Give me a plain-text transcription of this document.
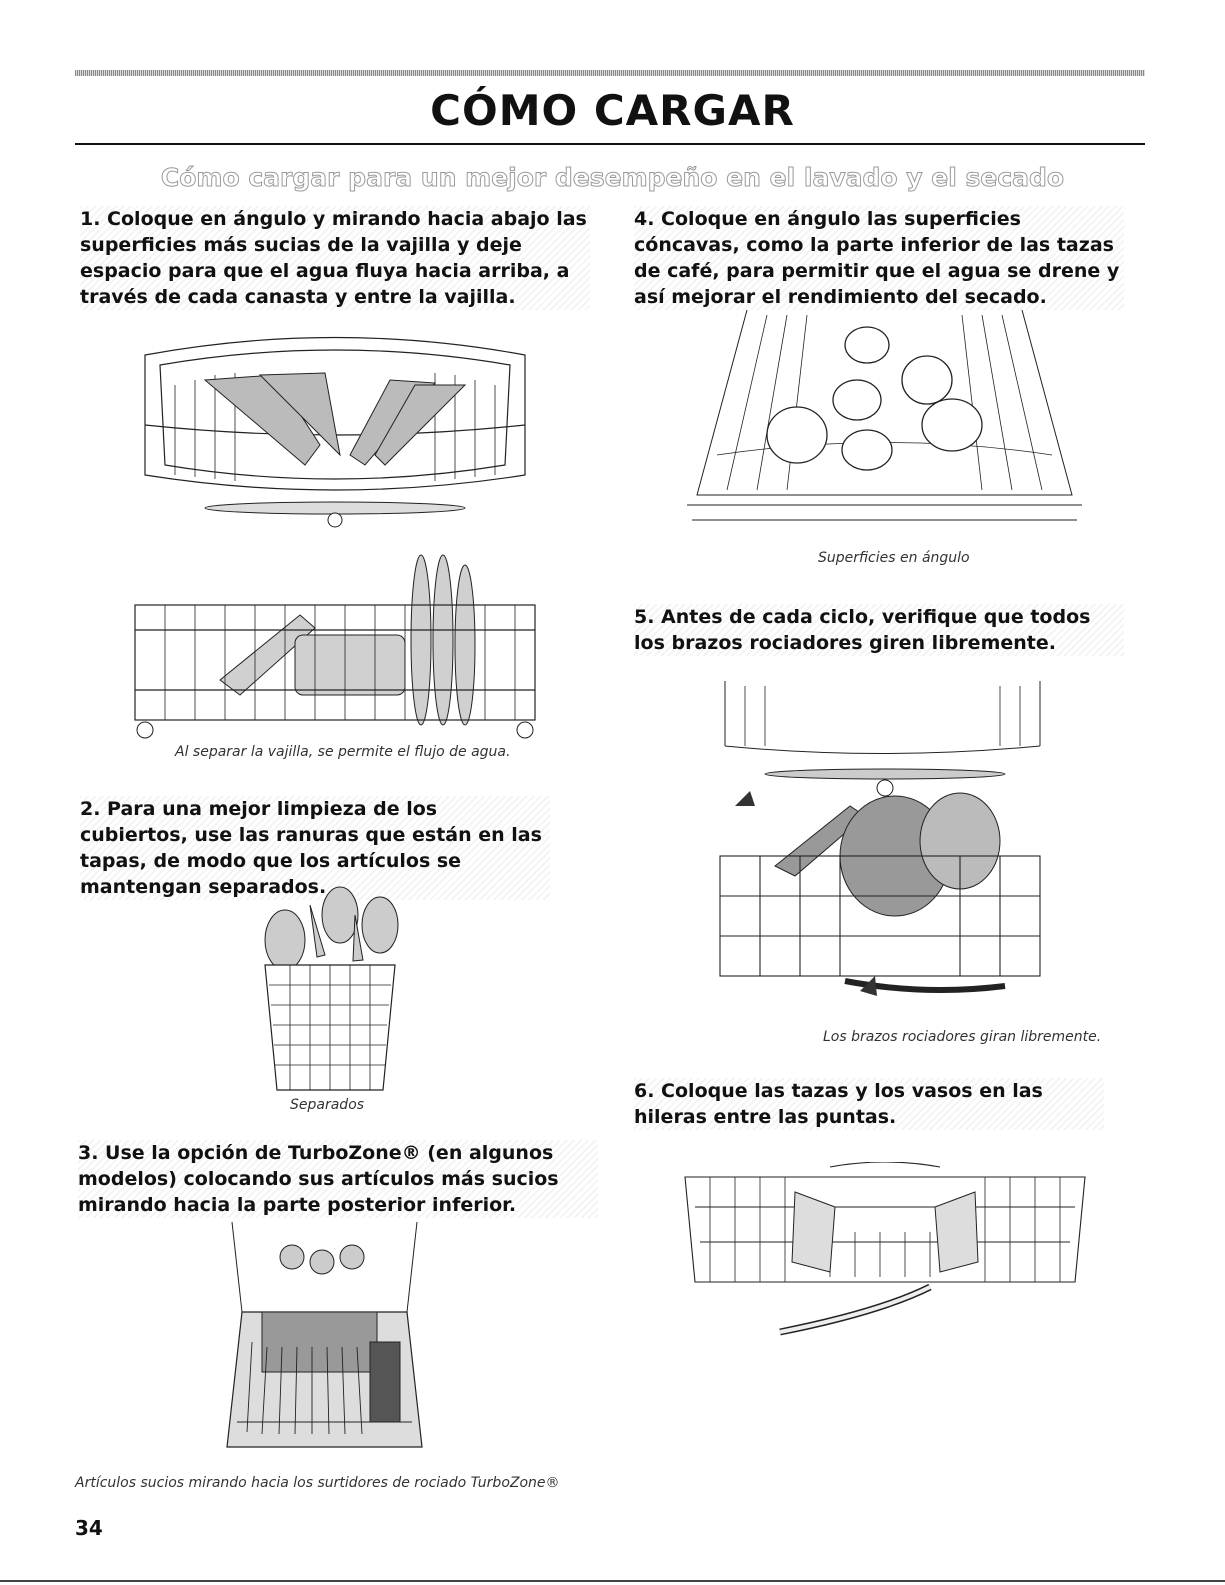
CÓMO CARGAR
Cómo cargar para un mejor desempeño en el lavado y el secado
1. Coloque en ángulo y mirando hacia abajo las superficies más sucias de la vajilla y deje espacio para que el agua fluya hacia arriba, a través de cada canasta y entre la vajilla.
Al separar la vajilla, se permite el flujo de agua.
2. Para una mejor limpieza de los cubiertos, use las ranuras que están en las tapas, de modo que los artículos se mantengan separados.
Separados
3. Use la opción de TurboZone® (en algunos modelos) colocando sus artículos más sucios mirando hacia la parte posterior inferior.
Artículos sucios mirando hacia los surtidores de rociado TurboZone®
4. Coloque en ángulo las superficies cóncavas, como la parte inferior de las tazas de café, para permitir que el agua se drene y así mejorar el rendimiento del secado.
Superficies en ángulo
5. Antes de cada ciclo, verifique que todos los brazos rociadores giren libremente.
Los brazos rociadores giran libremente.
6. Coloque las tazas y los vasos en las hileras entre las puntas.
34
